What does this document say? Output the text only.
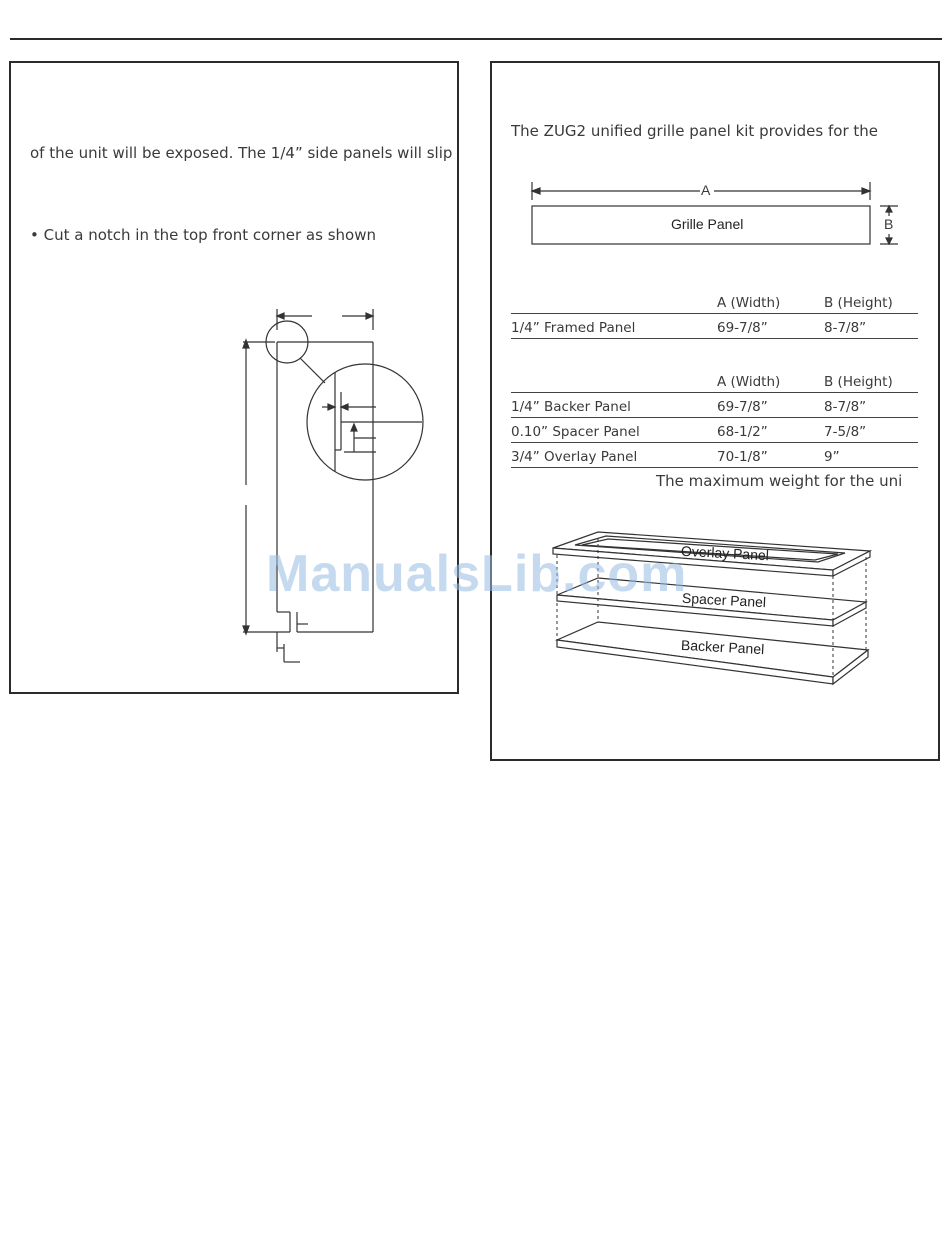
of the unit will be exposed. The 1/4” side panels will slip
• Cut a notch in the top front corner as shown
The ZUG2 unified grille panel kit provides for the
A
B
Grille Panel
	A (Width)	B (Height)
1/4” Framed Panel	69-7/8”	8-7/8”
	A (Width)	B (Height)
1/4” Backer Panel	69-7/8”	8-7/8”
0.10” Spacer Panel	68-1/2”	7-5/8”
3/4” Overlay Panel	70-1/8”	9”
The maximum weight for the uni
Overlay Panel
Spacer Panel
Backer Panel
ManualsLib.com
